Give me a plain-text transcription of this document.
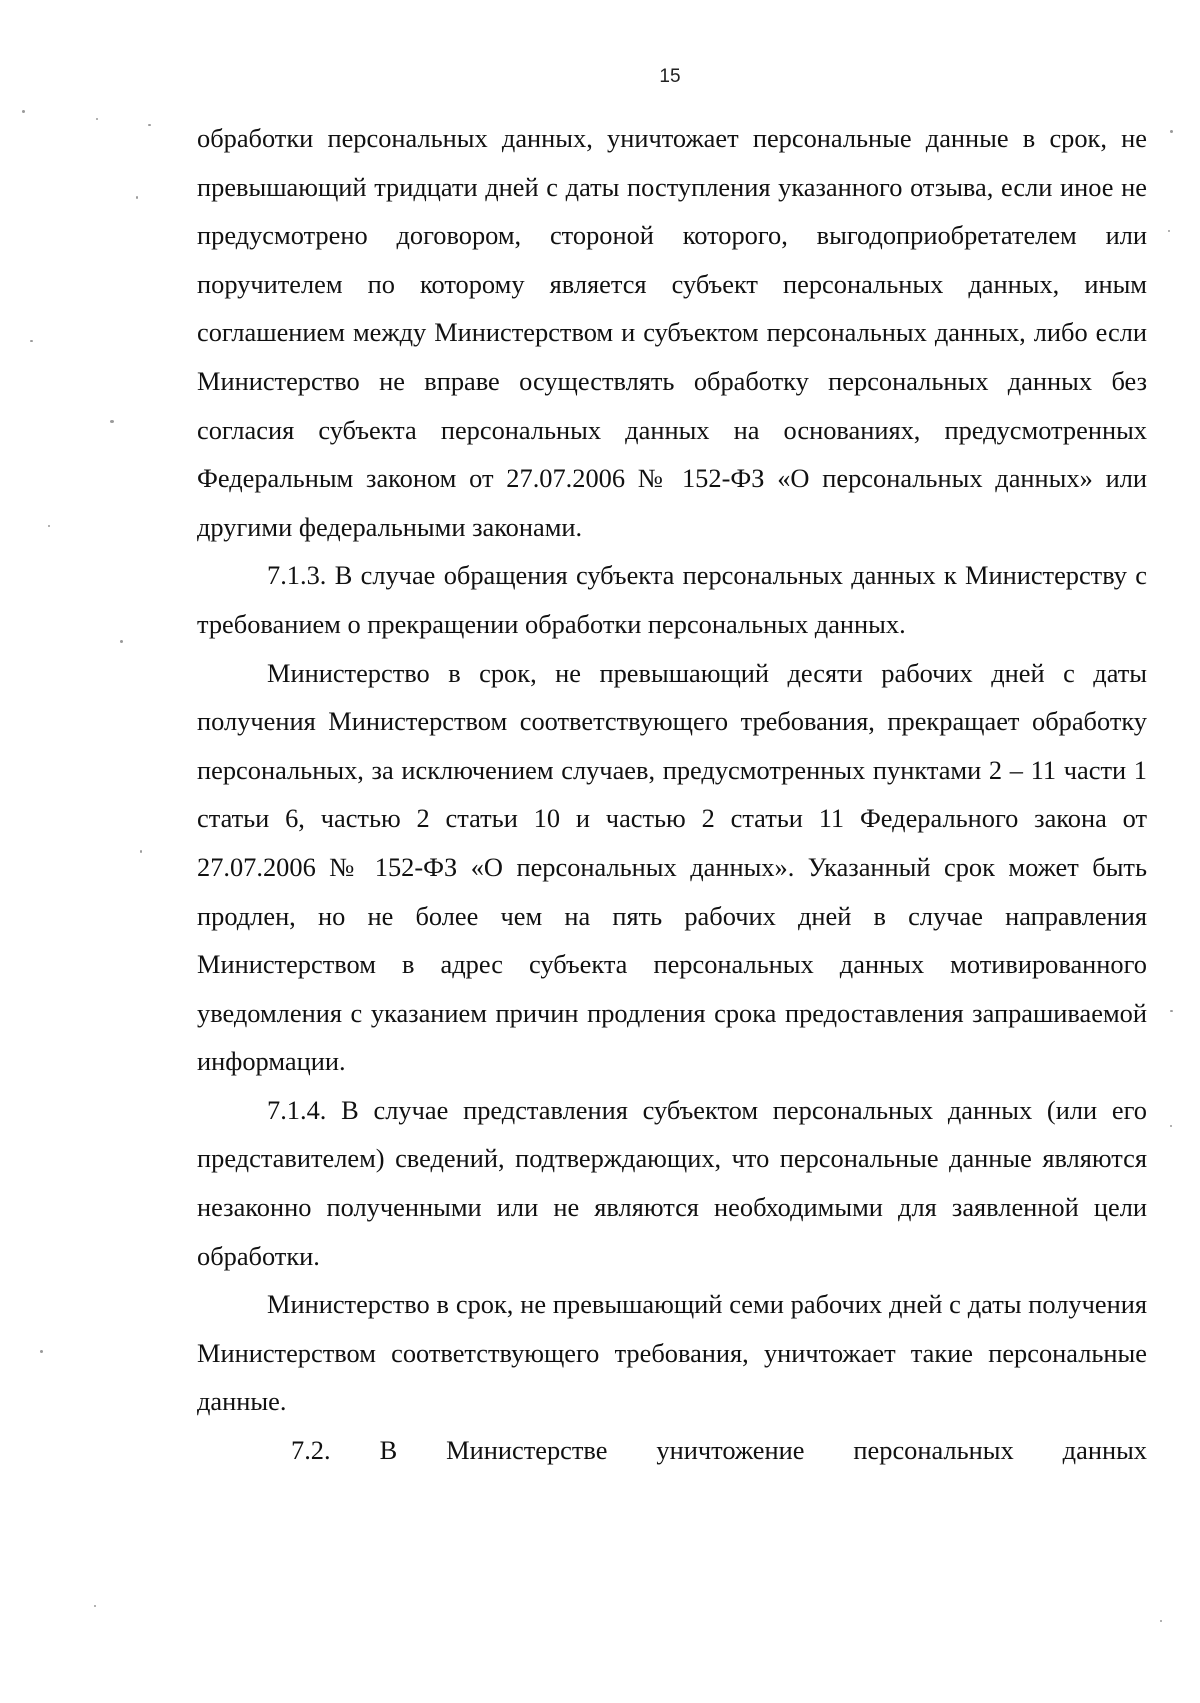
15

обработки персональных данных, уничтожает персональные данные в срок, не превышающий тридцати дней с даты поступления указанного отзыва, если иное не предусмотрено договором, стороной которого, выгодоприобретателем или поручителем по которому является субъект персональных данных, иным соглашением между Министерством и субъектом персональных данных, либо если Министерство не вправе осуществлять обработку персональных данных без согласия субъекта персональных данных на основаниях, предусмотренных Федеральным законом от 27.07.2006 № 152-ФЗ «О персональных данных» или другими федеральными законами.

7.1.3. В случае обращения субъекта персональных данных к Министерству с требованием о прекращении обработки персональных данных.

Министерство в срок, не превышающий десяти рабочих дней с даты получения Министерством соответствующего требования, прекращает обработку персональных, за исключением случаев, предусмотренных пунктами 2 – 11 части 1 статьи 6, частью 2 статьи 10 и частью 2 статьи 11 Федерального закона от 27.07.2006 № 152-ФЗ «О персональных данных». Указанный срок может быть продлен, но не более чем на пять рабочих дней в случае направления Министерством в адрес субъекта персональных данных мотивированного уведомления с указанием причин продления срока предоставления запрашиваемой информации.

7.1.4. В случае представления субъектом персональных данных (или его представителем) сведений, подтверждающих, что персональные данные являются незаконно полученными или не являются необходимыми для заявленной цели обработки.

Министерство в срок, не превышающий семи рабочих дней с даты получения Министерством соответствующего требования, уничтожает такие персональные данные.

7.2. В Министерстве уничтожение персональных данных
